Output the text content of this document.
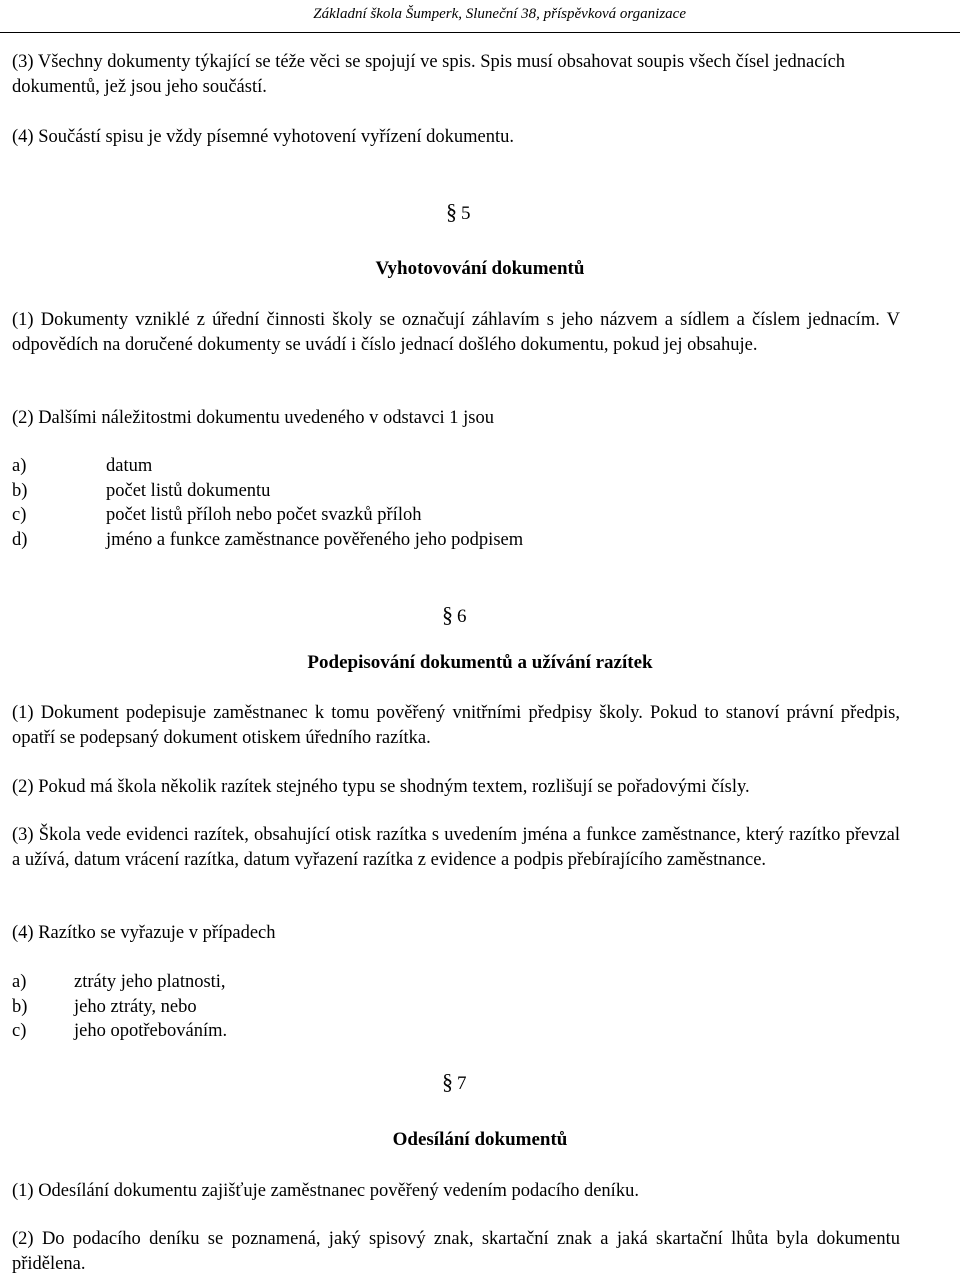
Základní škola Šumperk, Sluneční 38, příspěvková organizace

(3) Všechny dokumenty týkající se téže věci se spojují ve spis. Spis musí obsahovat soupis všech čísel jednacích dokumentů, jež jsou jeho součástí.

(4) Součástí spisu je vždy písemné vyhotovení vyřízení dokumentu.

§ 5
Vyhotovování dokumentů

(1) Dokumenty vzniklé z úřední činnosti školy se označují záhlavím s jeho názvem a sídlem a číslem jednacím. V odpovědích na doručené dokumenty se uvádí i číslo jednací došlého dokumentu, pokud jej obsahuje.

(2) Dalšími náležitostmi dokumentu uvedeného v odstavci 1 jsou

a)	datum
b)	počet listů dokumentu
c)	počet listů příloh nebo počet svazků příloh
d)	jméno a funkce zaměstnance pověřeného jeho podpisem
§ 6
Podepisování dokumentů a užívání razítek

(1) Dokument podepisuje zaměstnanec k tomu pověřený vnitřními předpisy školy. Pokud to stanoví právní předpis, opatří se podepsaný dokument otiskem úředního razítka.

(2) Pokud má škola několik razítek stejného typu se shodným textem, rozlišují se pořadovými čísly.

(3) Škola vede evidenci razítek, obsahující otisk razítka s uvedením jména a funkce zaměstnance, který razítko převzal a užívá, datum vrácení razítka, datum vyřazení razítka z evidence a podpis přebírajícího zaměstnance.

(4) Razítko se vyřazuje v případech

a)	ztráty jeho platnosti,
b)	jeho ztráty, nebo
c)	jeho opotřebováním.
§ 7
Odesílání dokumentů

(1) Odesílání dokumentu zajišťuje zaměstnanec pověřený vedením podacího deníku.

(2) Do podacího deníku se poznamená, jaký spisový znak, skartační znak a jaká skartační lhůta byla dokumentu přidělena.
